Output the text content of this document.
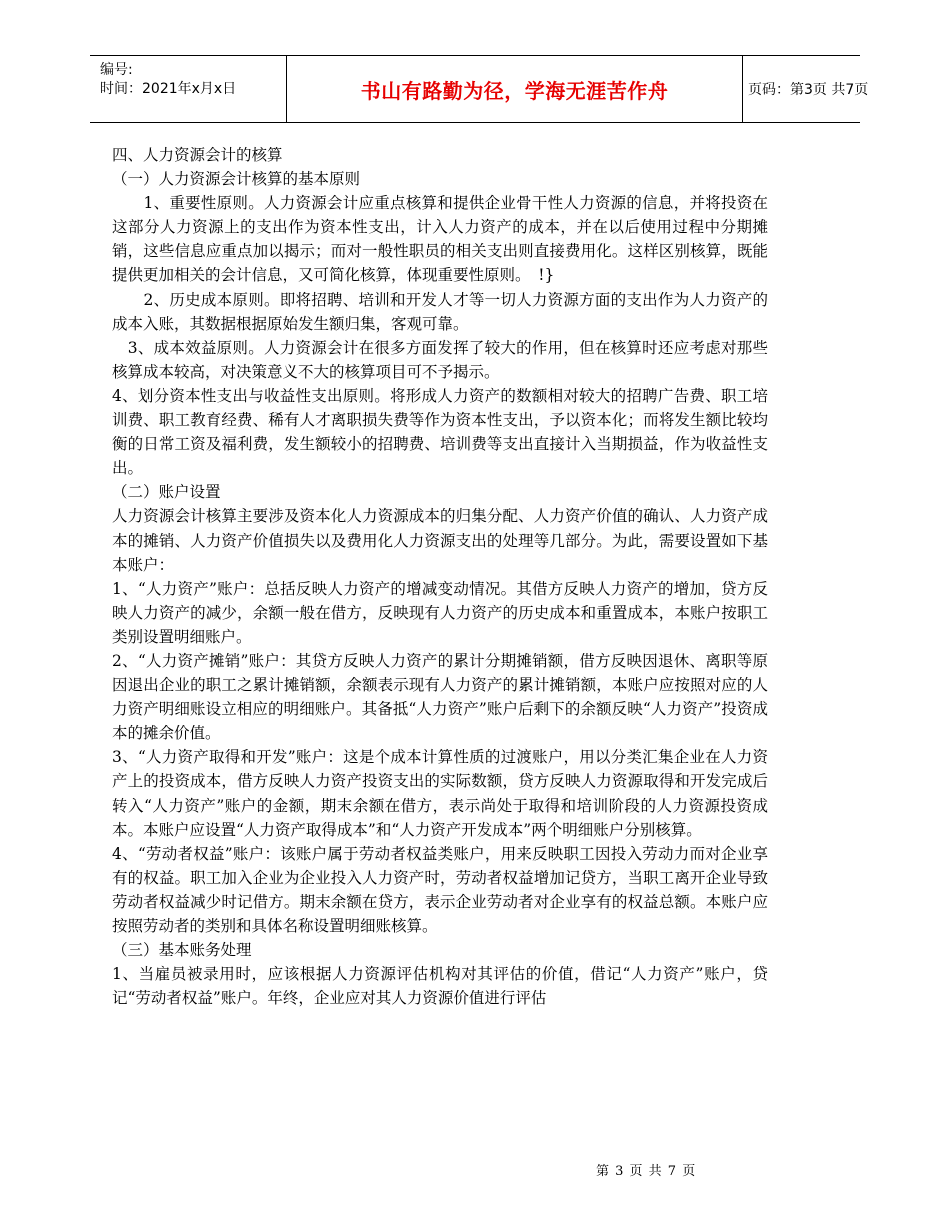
编号:
时间：2021年x月x日	书山有路勤为径，学海无涯苦作舟	页码：第3页 共7页

四、人力资源会计的核算

（一）人力资源会计核算的基本原则

　　1、重要性原则。人力资源会计应重点核算和提供企业骨干性人力资源的信息，并将投资在这部分人力资源上的支出作为资本性支出，计入人力资产的成本，并在以后使用过程中分期摊销，这些信息应重点加以揭示；而对一般性职员的相关支出则直接费用化。这样区别核算，既能提供更加相关的会计信息，又可简化核算，体现重要性原则。　!}

　　2、历史成本原则。即将招聘、培训和开发人才等一切人力资源方面的支出作为人力资产的成本入账，其数据根据原始发生额归集，客观可靠。

　3、成本效益原则。人力资源会计在很多方面发挥了较大的作用，但在核算时还应考虑对那些核算成本较高，对决策意义不大的核算项目可不予揭示。

4、划分资本性支出与收益性支出原则。将形成人力资产的数额相对较大的招聘广告费、职工培训费、职工教育经费、稀有人才离职损失费等作为资本性支出，予以资本化；而将发生额比较均衡的日常工资及福利费，发生额较小的招聘费、培训费等支出直接计入当期损益，作为收益性支出。

（二）账户设置

人力资源会计核算主要涉及资本化人力资源成本的归集分配、人力资产价值的确认、人力资产成本的摊销、人力资产价值损失以及费用化人力资源支出的处理等几部分。为此，需要设置如下基本账户：

1、“人力资产”账户：总括反映人力资产的增减变动情况。其借方反映人力资产的增加，贷方反映人力资产的减少，余额一般在借方，反映现有人力资产的历史成本和重置成本，本账户按职工类别设置明细账户。

2、“人力资产摊销”账户：其贷方反映人力资产的累计分期摊销额，借方反映因退休、离职等原因退出企业的职工之累计摊销额，余额表示现有人力资产的累计摊销额，本账户应按照对应的人力资产明细账设立相应的明细账户。其备抵“人力资产”账户后剩下的余额反映“人力资产”投资成本的摊余价值。

3、“人力资产取得和开发”账户：这是个成本计算性质的过渡账户，用以分类汇集企业在人力资产上的投资成本，借方反映人力资产投资支出的实际数额，贷方反映人力资源取得和开发完成后转入“人力资产”账户的金额，期末余额在借方，表示尚处于取得和培训阶段的人力资源投资成本。本账户应设置“人力资产取得成本”和“人力资产开发成本”两个明细账户分别核算。

4、“劳动者权益”账户：该账户属于劳动者权益类账户，用来反映职工因投入劳动力而对企业享有的权益。职工加入企业为企业投入人力资产时，劳动者权益增加记贷方，当职工离开企业导致劳动者权益减少时记借方。期末余额在贷方，表示企业劳动者对企业享有的权益总额。本账户应按照劳动者的类别和具体名称设置明细账核算。

（三）基本账务处理

1、当雇员被录用时，应该根据人力资源评估机构对其评估的价值，借记“人力资产”账户，贷记“劳动者权益”账户。年终，企业应对其人力资源价值进行评估

第 3 页 共 7 页
